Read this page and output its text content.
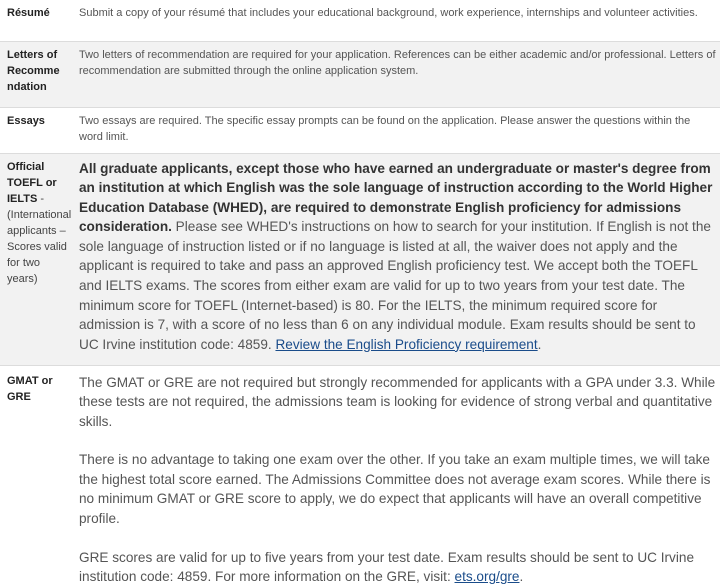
Résumé	Submit a copy of your résumé that includes your educational background, work experience, internships and volunteer activities.

Letters of
Recomme
ndation	Two letters of recommendation are required for your application. References can be either academic and/or professional. Letters of recommendation are submitted through the online application system.

Essays	Two essays are required. The specific essay prompts can be found on the application. Please answer the questions within the word limit.

Official TOEFL or IELTS - (International applicants – Scores valid for two years)	All graduate applicants, except those who have earned an undergraduate or master's degree from an institution at which English was the sole language of instruction according to the World Higher Education Database (WHED), are required to demonstrate English proficiency for admissions consideration. Please see WHED's instructions on how to search for your institution. If English is not the sole language of instruction listed or if no language is listed at all, the waiver does not apply and the applicant is required to take and pass an approved English proficiency test. We accept both the TOEFL and IELTS exams. The scores from either exam are valid for up to two years from your test date. The minimum score for TOEFL (Internet-based) is 80. For the IELTS, the minimum required score for admission is 7, with a score of no less than 6 on any individual module. Exam results should be sent to UC Irvine institution code: 4859. Review the English Proficiency requirement.

GMAT or GRE	The GMAT or GRE are not required but strongly recommended for applicants with a GPA under 3.3. While these tests are not required, the admissions team is looking for evidence of strong verbal and quantitative skills.

There is no advantage to taking one exam over the other. If you take an exam multiple times, we will take the highest total score earned. The Admissions Committee does not average exam scores. While there is no minimum GMAT or GRE score to apply, we do expect that applicants will have an overall competitive profile.

GRE scores are valid for up to five years from your test date. Exam results should be sent to UC Irvine institution code: 4859. For more information on the GRE, visit: ets.org/gre.
